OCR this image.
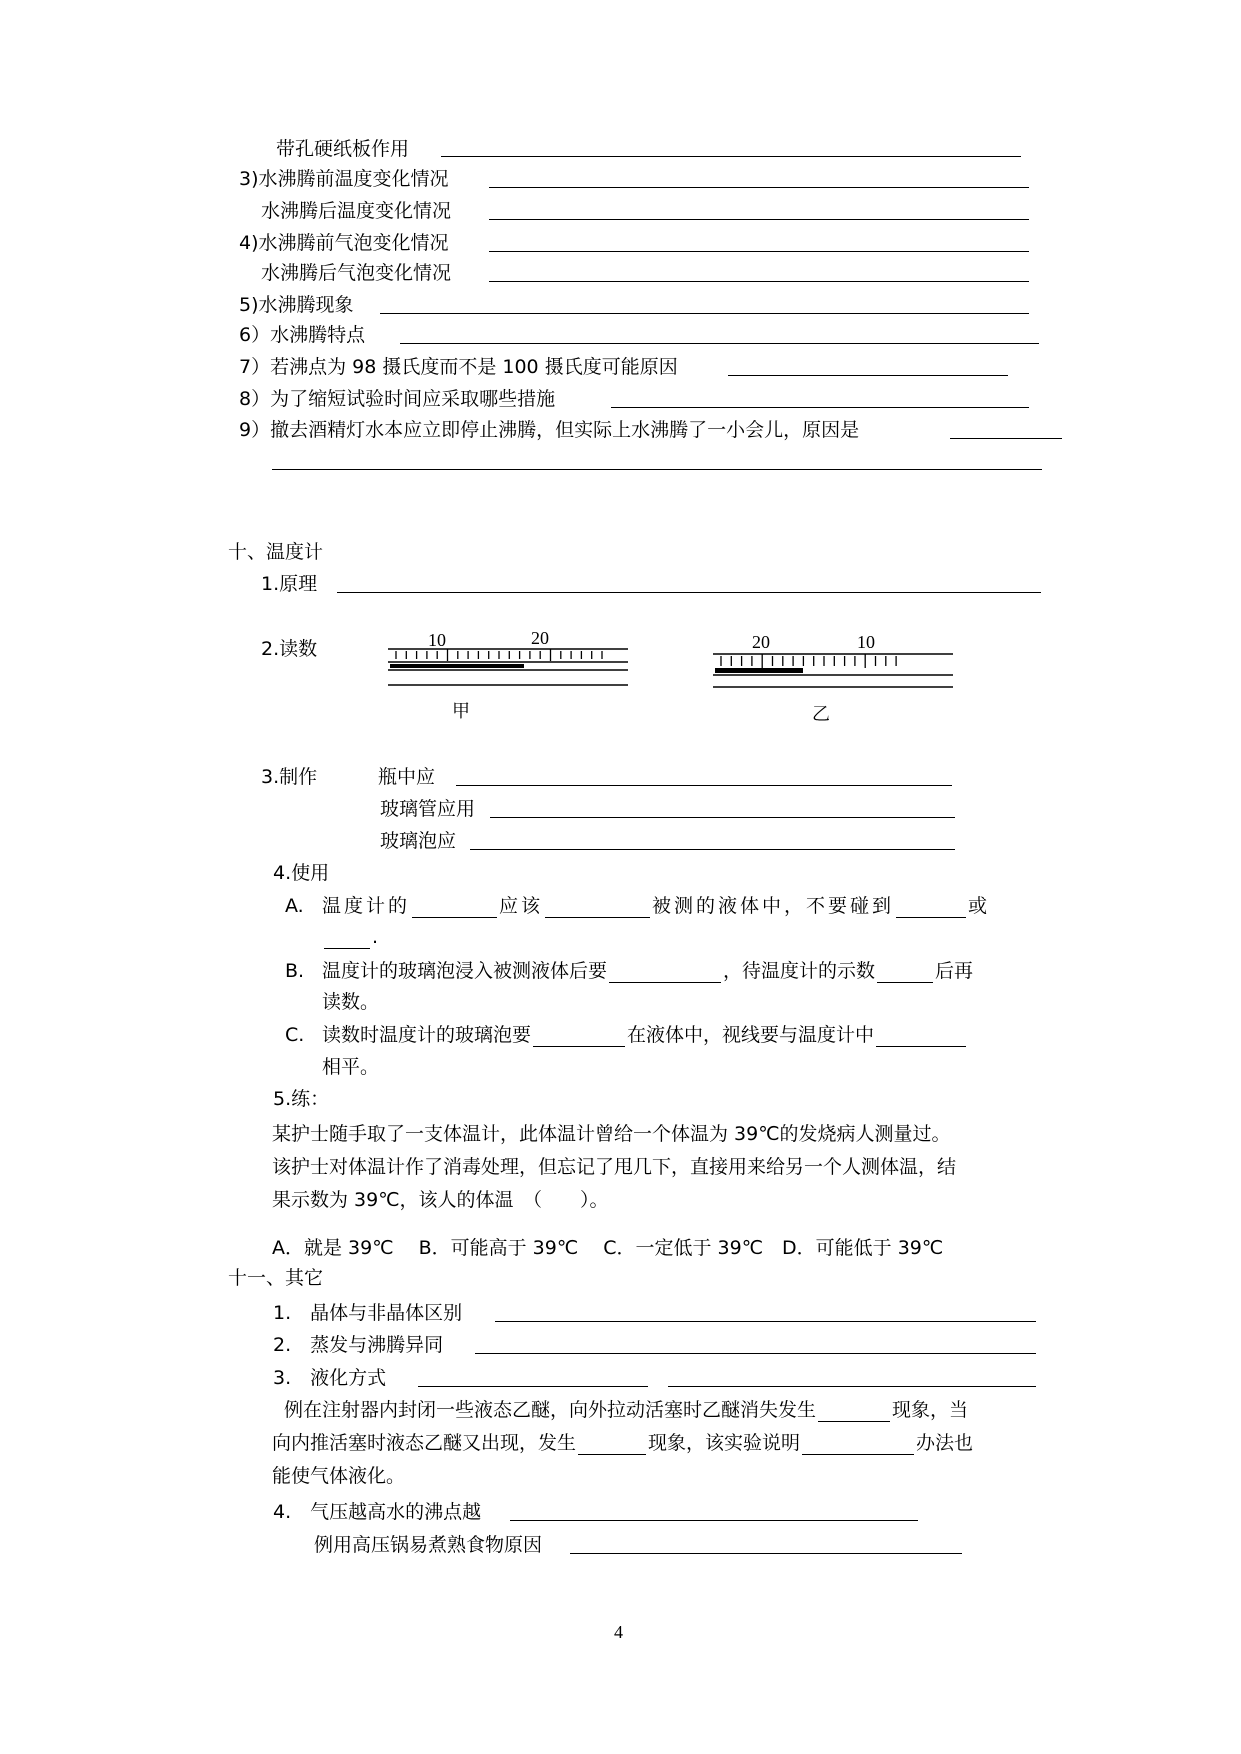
带孔硬纸板作用
3)水沸腾前温度变化情况
水沸腾后温度变化情况
4)水沸腾前气泡变化情况
水沸腾后气泡变化情况
5)水沸腾现象
6）水沸腾特点
7）若沸点为 98 摄氏度而不是 100 摄氏度可能原因
8）为了缩短试验时间应采取哪些措施
9）撤去酒精灯水本应立即停止沸腾，但实际上水沸腾了一小会儿，原因是
十、温度计
1.原理
2.读数	10	20
甲
20	10
乙
3.制作	瓶中应
玻璃管应用
玻璃泡应
4.使用
A. 温度计的	应该	被测的液体中，不要碰到	或
.
B. 温度计的玻璃泡浸入被测液体后要	，待温度计的示数	后再
读数。
C. 读数时温度计的玻璃泡要	在液体中，视线要与温度计中
相平。
5.练：
某护士随手取了一支体温计，此体温计曾给一个体温为 39℃的发烧病人测量过。
该护士对体温计作了消毒处理，但忘记了甩几下，直接用来给另一个人测体温，结
果示数为 39℃，该人的体温　（　　）。
A．就是 39℃　 B．可能高于 39℃　 C．一定低于 39℃　D．可能低于 39℃
十一、其它
1.　晶体与非晶体区别
2.　蒸发与沸腾异同
3.　液化方式
例在注射器内封闭一些液态乙醚，向外拉动活塞时乙醚消失发生	现象，当
向内推活塞时液态乙醚又出现，发生	现象，该实验说明	办法也
能使气体液化。
4.　气压越高水的沸点越
例用高压锅易煮熟食物原因
4
